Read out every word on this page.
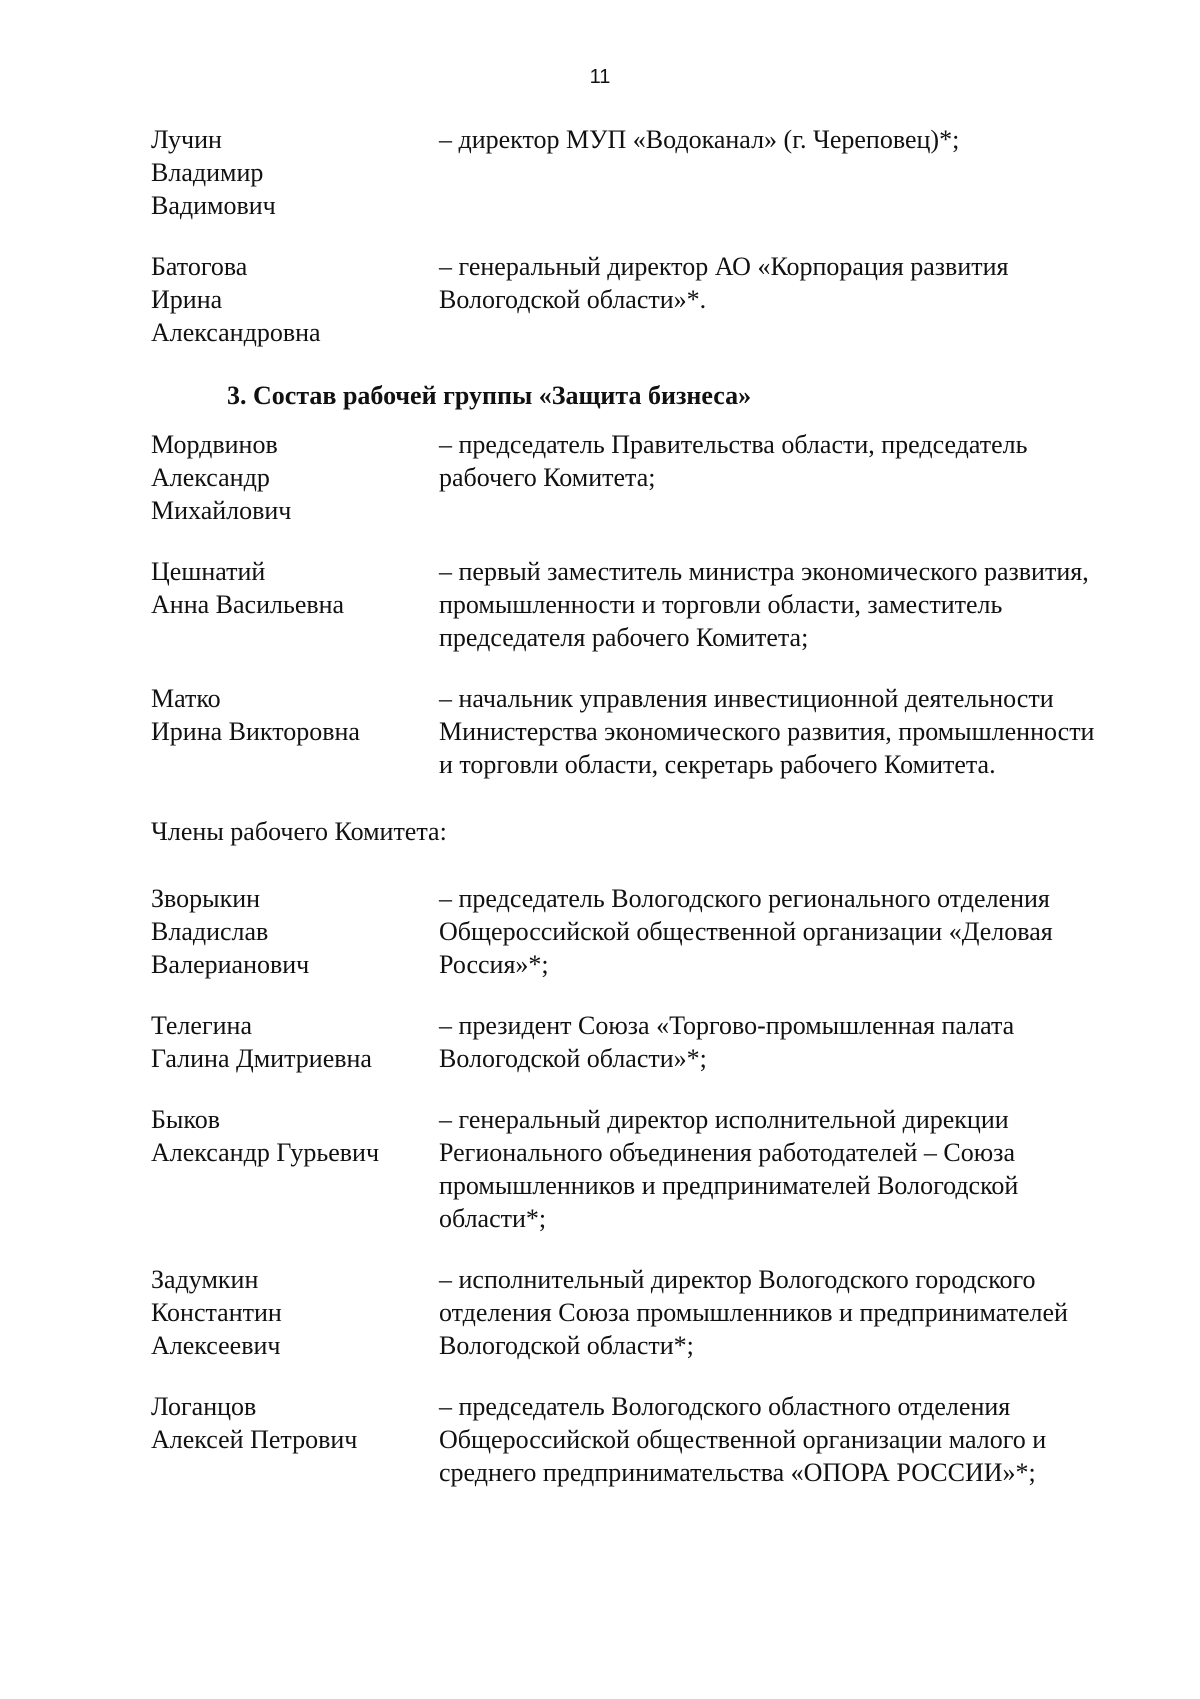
11
Лучин
Владимир
Вадимович
– директор МУП «Водоканал» (г. Череповец)*;
Батогова
Ирина
Александровна
– генеральный директор АО «Корпорация развития Вологодской области»*.
3. Состав рабочей группы «Защита бизнеса»
Мордвинов
Александр
Михайлович
– председатель Правительства области, председатель рабочего Комитета;
Цешнатий
Анна Васильевна
– первый заместитель министра экономического развития, промышленности и торговли области, заместитель председателя рабочего Комитета;
Матко
Ирина Викторовна
– начальник управления инвестиционной деятельности Министерства экономического развития, промышленности и торговли области, секретарь рабочего Комитета.
Члены рабочего Комитета:
Зворыкин
Владислав
Валерианович
– председатель Вологодского регионального отделения Общероссийской общественной организации «Деловая Россия»*;
Телегина
Галина Дмитриевна
– президент Союза «Торгово-промышленная палата Вологодской области»*;
Быков
Александр Гурьевич
– генеральный директор исполнительной дирекции Регионального объединения работодателей – Союза промышленников и предпринимателей Вологодской области*;
Задумкин
Константин
Алексеевич
– исполнительный директор Вологодского городского отделения Союза промышленников и предпринимателей Вологодской области*;
Логанцов
Алексей Петрович
– председатель Вологодского областного отделения Общероссийской общественной организации малого и среднего предпринимательства «ОПОРА РОССИИ»*;
